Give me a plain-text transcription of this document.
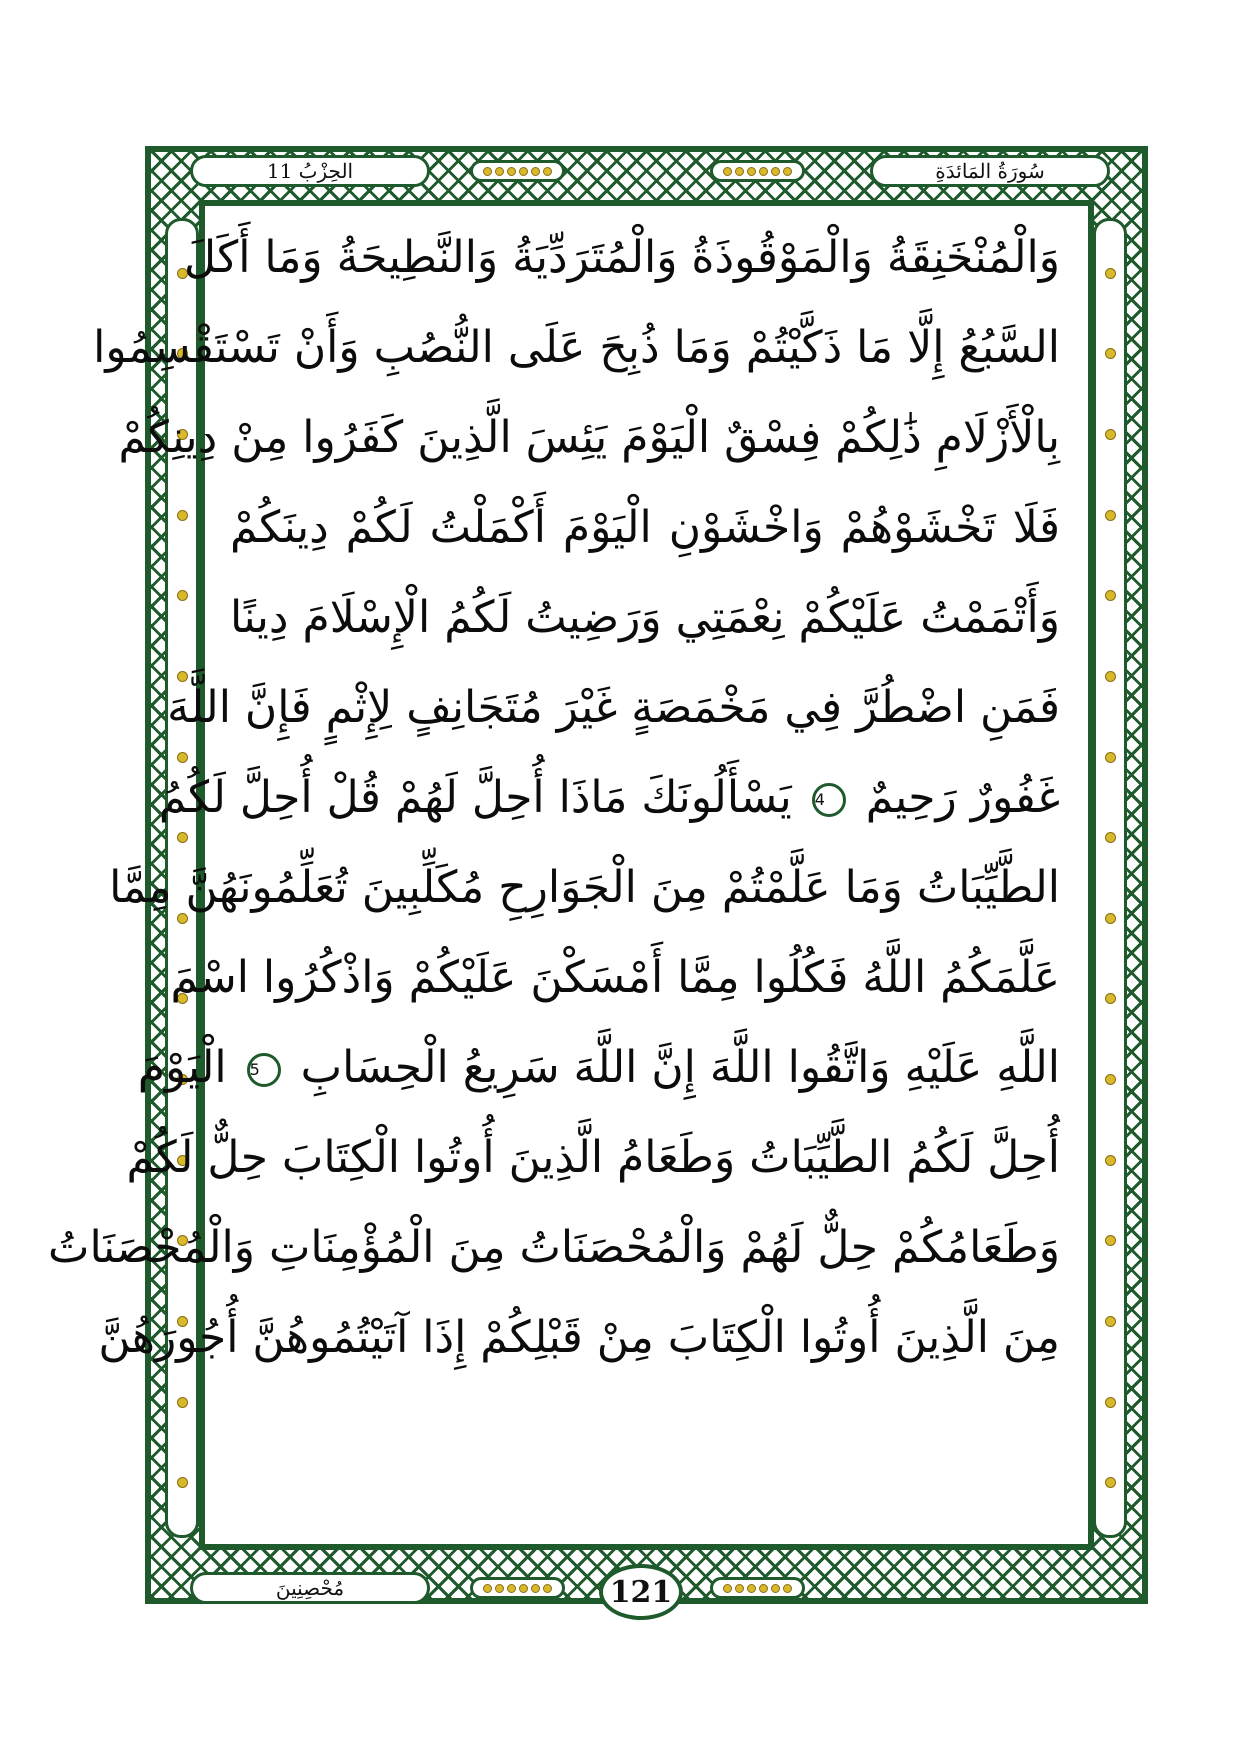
الحِزْبُ 11	سُورَةُ المَائدَةِ
وَالْمُنْخَنِقَةُ وَالْمَوْقُوذَةُ وَالْمُتَرَدِّيَةُ وَالنَّطِيحَةُ وَمَا أَكَلَ
السَّبُعُ إِلَّا مَا ذَكَّيْتُمْ وَمَا ذُبِحَ عَلَى النُّصُبِ وَأَنْ تَسْتَقْسِمُوا
بِالْأَزْلَامِ ذَٰلِكُمْ فِسْقٌ الْيَوْمَ يَئِسَ الَّذِينَ كَفَرُوا مِنْ دِينِكُمْ
فَلَا تَخْشَوْهُمْ وَاخْشَوْنِ الْيَوْمَ أَكْمَلْتُ لَكُمْ دِينَكُمْ
وَأَتْمَمْتُ عَلَيْكُمْ نِعْمَتِي وَرَضِيتُ لَكُمُ الْإِسْلَامَ دِينًا
فَمَنِ اضْطُرَّ فِي مَخْمَصَةٍ غَيْرَ مُتَجَانِفٍ لِإِثْمٍ فَإِنَّ اللَّهَ
غَفُورٌ رَحِيمٌ 4 يَسْأَلُونَكَ مَاذَا أُحِلَّ لَهُمْ قُلْ أُحِلَّ لَكُمُ
الطَّيِّبَاتُ وَمَا عَلَّمْتُمْ مِنَ الْجَوَارِحِ مُكَلِّبِينَ تُعَلِّمُونَهُنَّ مِمَّا
عَلَّمَكُمُ اللَّهُ فَكُلُوا مِمَّا أَمْسَكْنَ عَلَيْكُمْ وَاذْكُرُوا اسْمَ
اللَّهِ عَلَيْهِ وَاتَّقُوا اللَّهَ إِنَّ اللَّهَ سَرِيعُ الْحِسَابِ 5 الْيَوْمَ
أُحِلَّ لَكُمُ الطَّيِّبَاتُ وَطَعَامُ الَّذِينَ أُوتُوا الْكِتَابَ حِلٌّ لَكُمْ
وَطَعَامُكُمْ حِلٌّ لَهُمْ وَالْمُحْصَنَاتُ مِنَ الْمُؤْمِنَاتِ وَالْمُحْصَنَاتُ
مِنَ الَّذِينَ أُوتُوا الْكِتَابَ مِنْ قَبْلِكُمْ إِذَا آتَيْتُمُوهُنَّ أُجُورَهُنَّ
مُحْصِنِينَ	121
